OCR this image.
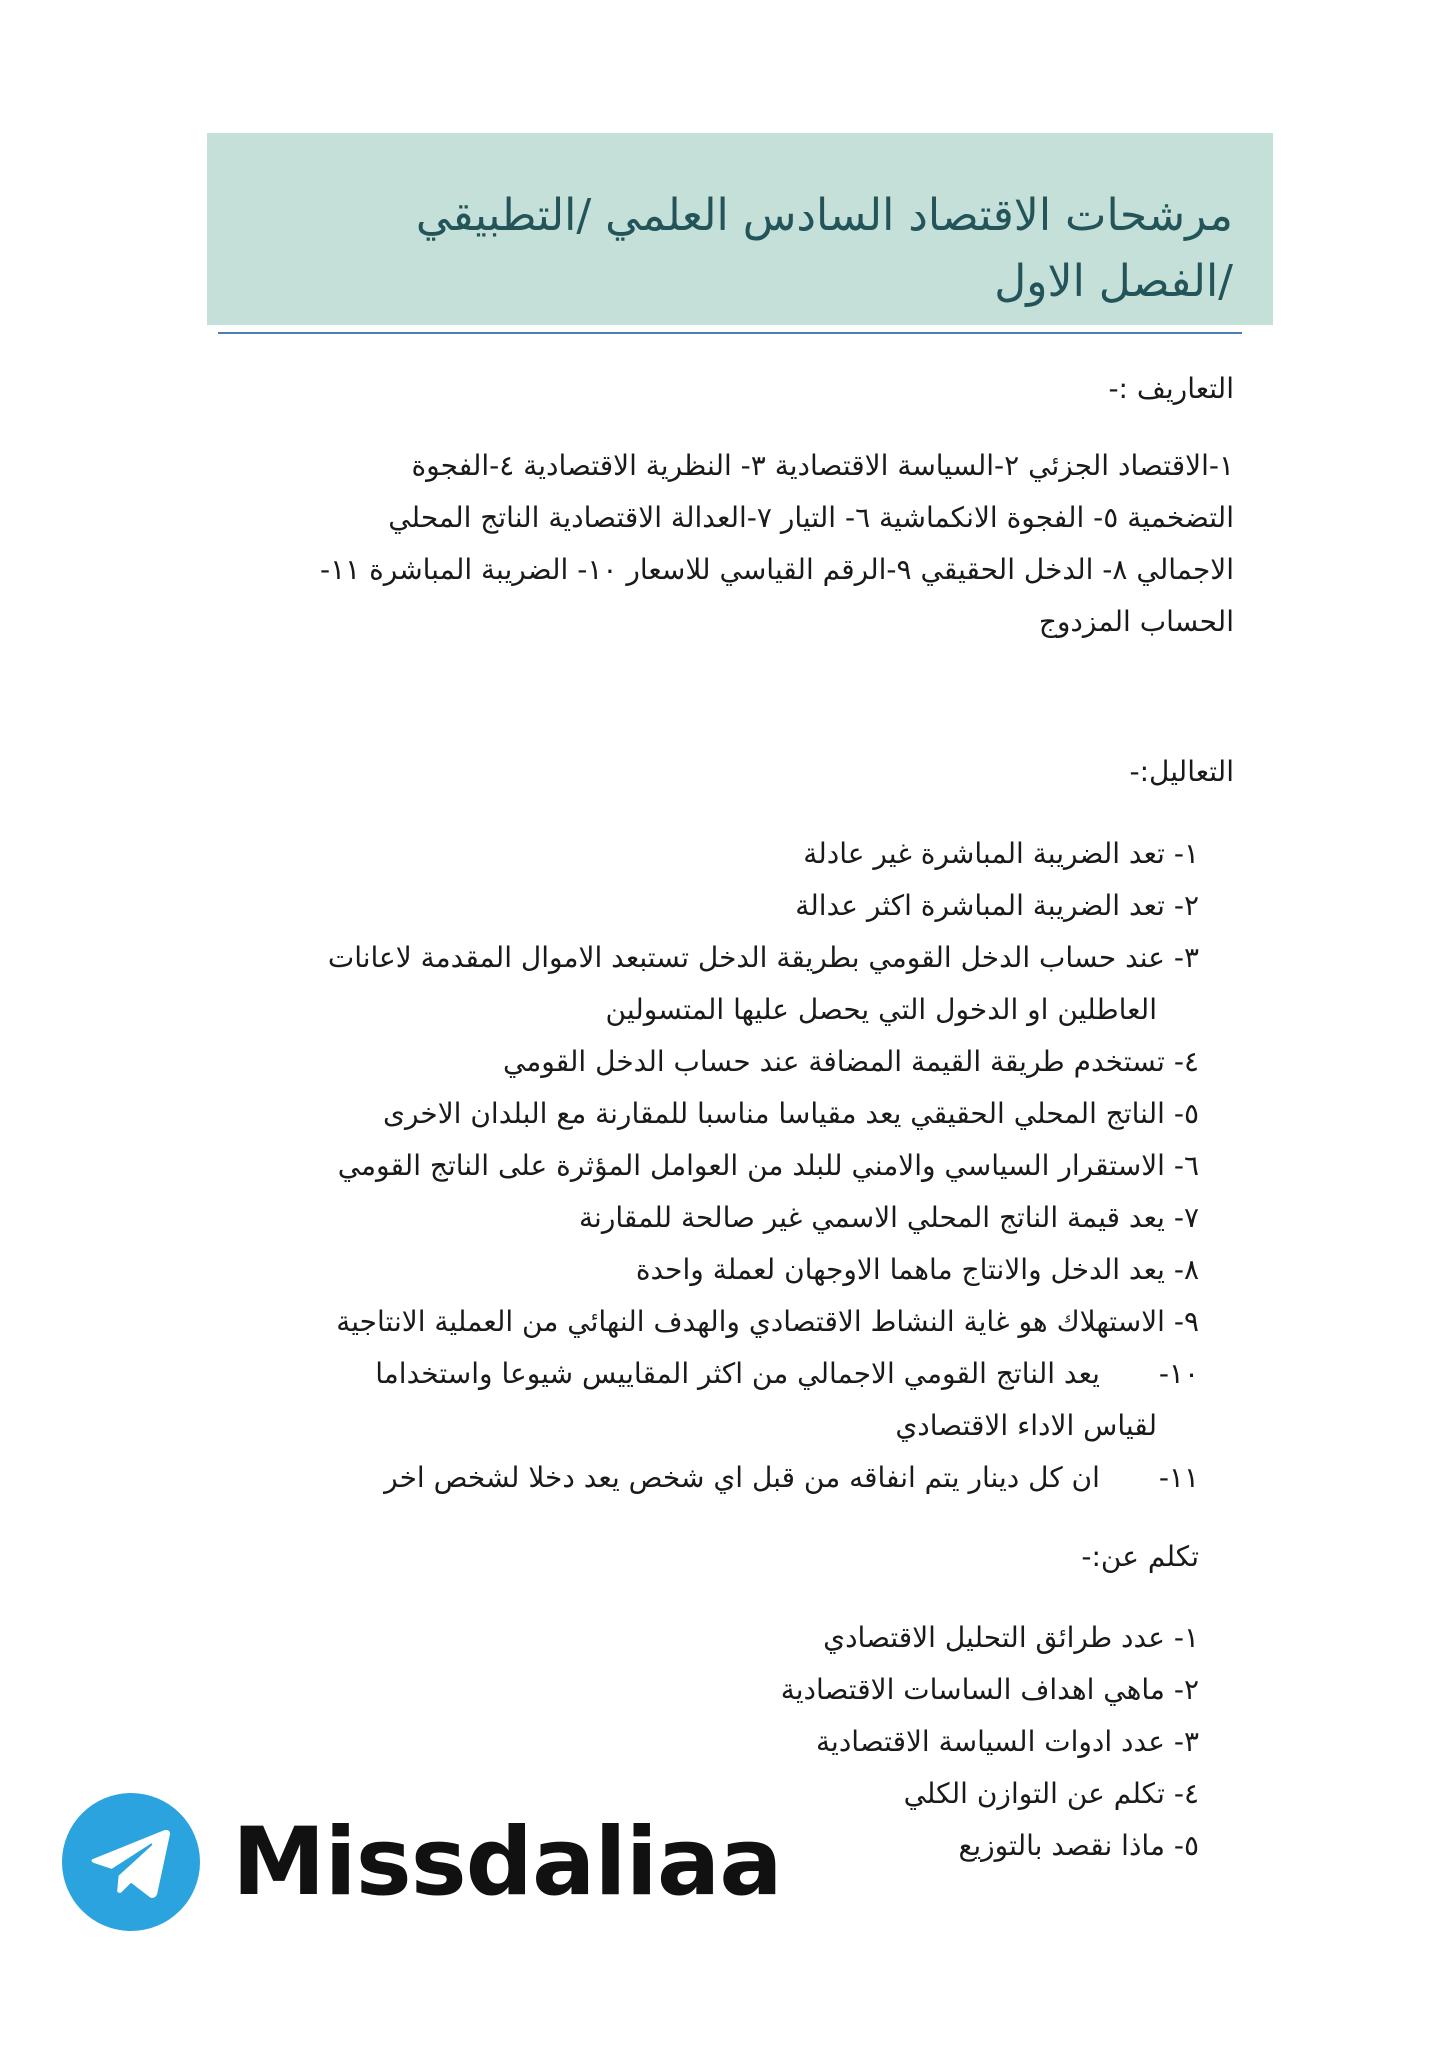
مرشحات الاقتصاد السادس العلمي /التطبيقي
/الفصل الاول
التعاريف :-
١-الاقتصاد الجزئي ٢-السياسة الاقتصادية ٣- النظرية الاقتصادية ٤-الفجوة
التضخمية ٥- الفجوة الانكماشية ٦- التيار ٧-العدالة الاقتصادية الناتج المحلي
الاجمالي ٨- الدخل الحقيقي ٩-الرقم القياسي للاسعار ١٠- الضريبة المباشرة ١١-
الحساب المزدوج
التعاليل:-
١- تعد الضريبة المباشرة غير عادلة
٢- تعد الضريبة المباشرة اكثر عدالة
٣- عند حساب الدخل القومي بطريقة الدخل تستبعد الاموال المقدمة لاعانات
العاطلين او الدخول التي يحصل عليها المتسولين
٤- تستخدم طريقة القيمة المضافة عند حساب الدخل القومي
٥- الناتج المحلي الحقيقي يعد مقياسا مناسبا للمقارنة مع البلدان الاخرى
٦- الاستقرار السياسي والامني للبلد من العوامل المؤثرة على الناتج القومي
٧- يعد قيمة الناتج المحلي الاسمي غير صالحة للمقارنة
٨- يعد الدخل والانتاج ماهما الاوجهان لعملة واحدة
٩- الاستهلاك هو غاية النشاط الاقتصادي والهدف النهائي من العملية الانتاجية
١٠- يعد الناتج القومي الاجمالي من اكثر المقاييس شيوعا واستخداما
لقياس الاداء الاقتصادي
١١- ان كل دينار يتم انفاقه من قبل اي شخص يعد دخلا لشخص اخر
تكلم عن:-
١- عدد طرائق التحليل الاقتصادي
٢- ماهي اهداف الساسات الاقتصادية
٣- عدد ادوات السياسة الاقتصادية
٤- تكلم عن التوازن الكلي
٥- ماذا نقصد بالتوزيع
Missdaliaa
